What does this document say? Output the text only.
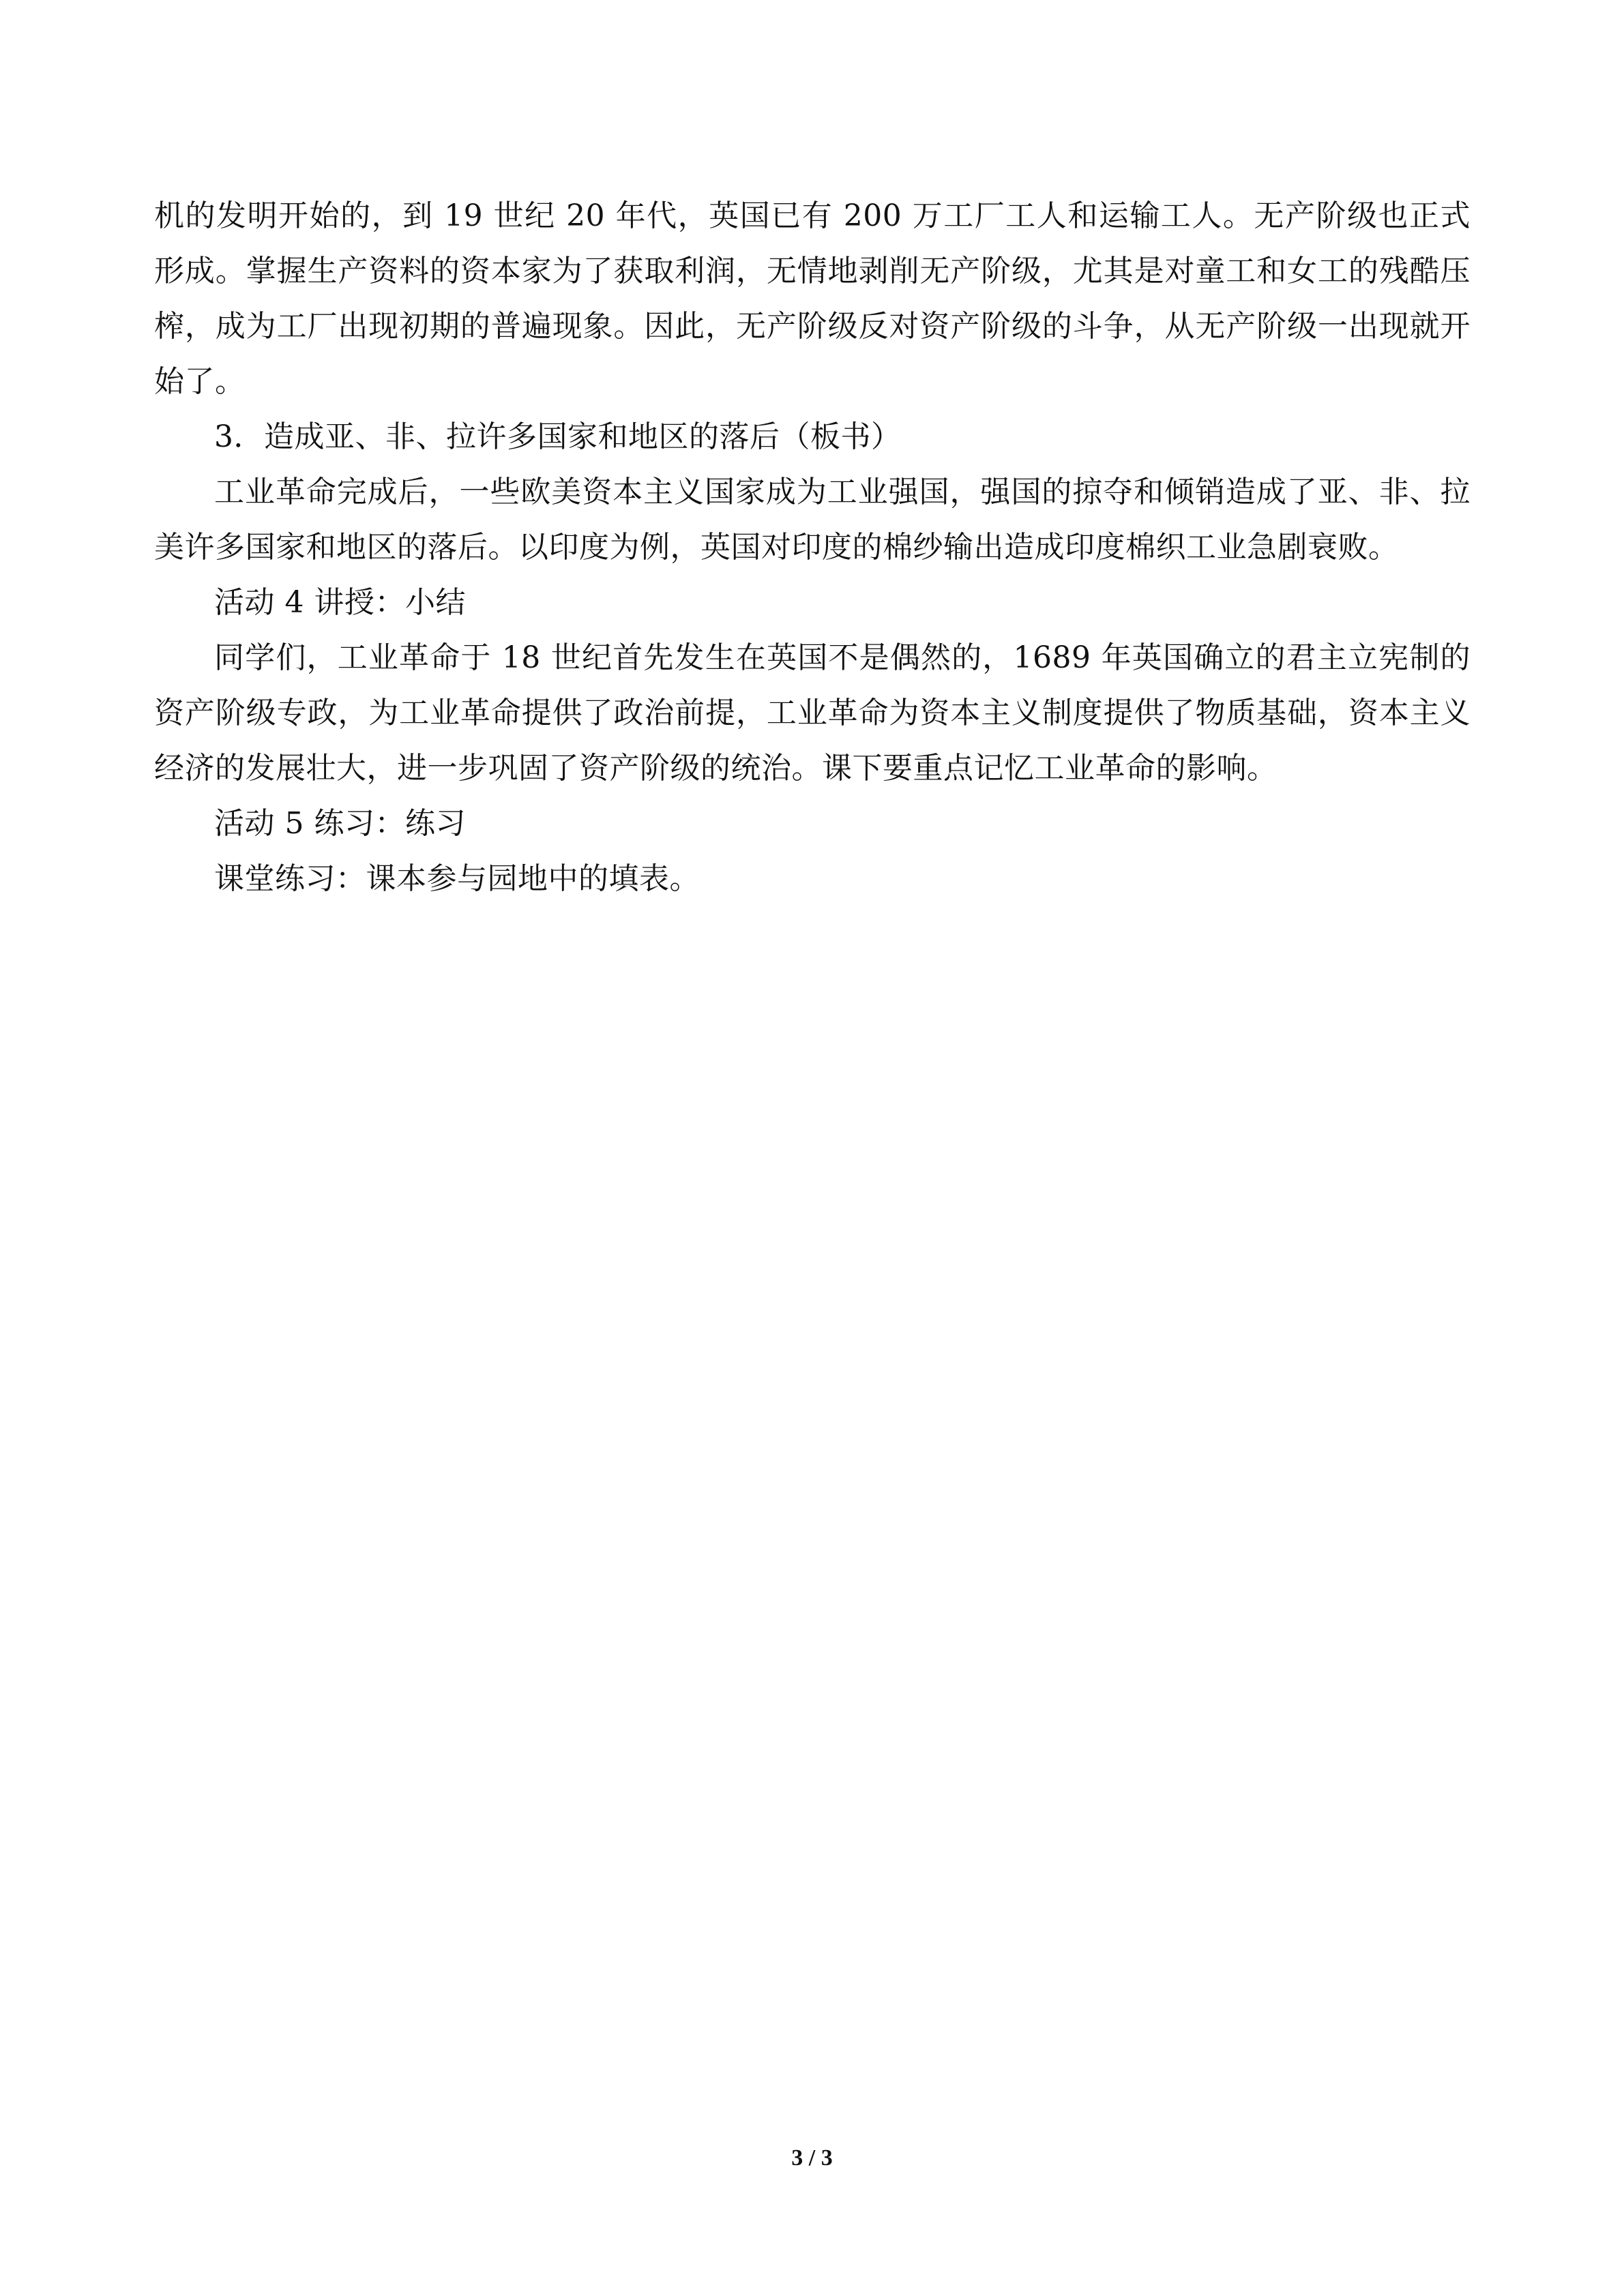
机的发明开始的，到 19 世纪 20 年代，英国已有 200 万工厂工人和运输工人。无产阶级也正式形成。掌握生产资料的资本家为了获取利润，无情地剥削无产阶级，尤其是对童工和女工的残酷压榨，成为工厂出现初期的普遍现象。因此，无产阶级反对资产阶级的斗争，从无产阶级一出现就开始了。

3．造成亚、非、拉许多国家和地区的落后（板书）

工业革命完成后，一些欧美资本主义国家成为工业强国，强国的掠夺和倾销造成了亚、非、拉美许多国家和地区的落后。以印度为例，英国对印度的棉纱输出造成印度棉织工业急剧衰败。

活动 4 讲授：小结

同学们，工业革命于 18 世纪首先发生在英国不是偶然的，1689 年英国确立的君主立宪制的资产阶级专政，为工业革命提供了政治前提，工业革命为资本主义制度提供了物质基础，资本主义经济的发展壮大，进一步巩固了资产阶级的统治。课下要重点记忆工业革命的影响。

活动 5 练习：练习

课堂练习：课本参与园地中的填表。

3 / 3
